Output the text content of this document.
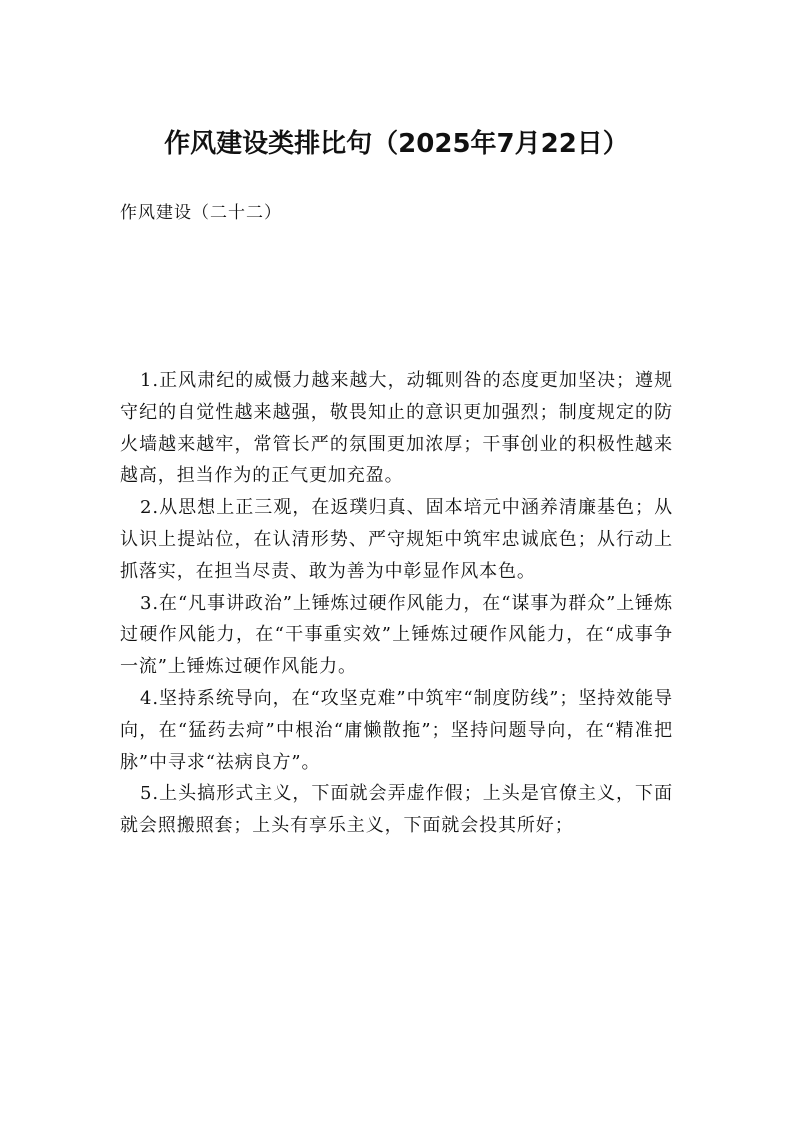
作风建设类排比句（2025年7月22日）

作风建设（二十二）

1.正风肃纪的威慑力越来越大，动辄则咎的态度更加坚决；遵规守纪的自觉性越来越强，敬畏知止的意识更加强烈；制度规定的防火墙越来越牢，常管长严的氛围更加浓厚；干事创业的积极性越来越高，担当作为的正气更加充盈。

2.从思想上正三观，在返璞归真、固本培元中涵养清廉基色；从认识上提站位，在认清形势、严守规矩中筑牢忠诚底色；从行动上抓落实，在担当尽责、敢为善为中彰显作风本色。

3.在“凡事讲政治”上锤炼过硬作风能力，在“谋事为群众”上锤炼过硬作风能力，在“干事重实效”上锤炼过硬作风能力，在“成事争一流”上锤炼过硬作风能力。

4.坚持系统导向，在“攻坚克难”中筑牢“制度防线”；坚持效能导向，在“猛药去疴”中根治“庸懒散拖”；坚持问题导向，在“精准把脉”中寻求“祛病良方”。

5.上头搞形式主义，下面就会弄虚作假；上头是官僚主义，下面就会照搬照套；上头有享乐主义，下面就会投其所好；
